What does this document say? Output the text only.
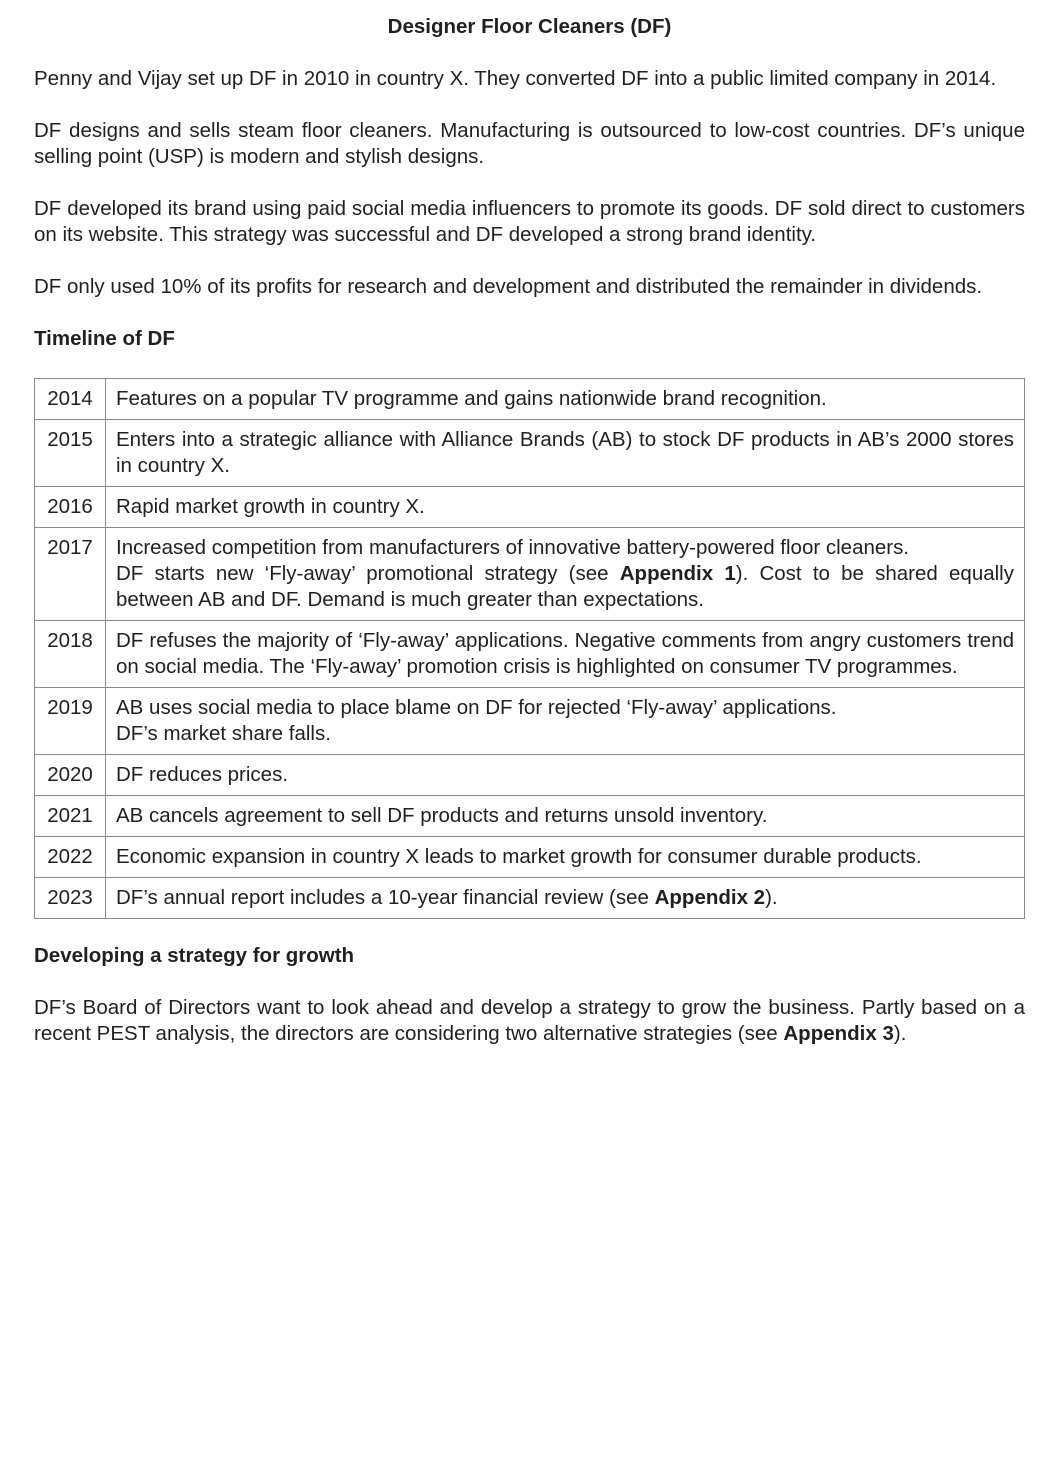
Designer Floor Cleaners (DF)
Penny and Vijay set up DF in 2010 in country X. They converted DF into a public limited company in 2014.
DF designs and sells steam floor cleaners. Manufacturing is outsourced to low-cost countries. DF’s unique selling point (USP) is modern and stylish designs.
DF developed its brand using paid social media influencers to promote its goods. DF sold direct to customers on its website. This strategy was successful and DF developed a strong brand identity.
DF only used 10% of its profits for research and development and distributed the remainder in dividends.
Timeline of DF
2014	Features on a popular TV programme and gains nationwide brand recognition.

2015	Enters into a strategic alliance with Alliance Brands (AB) to stock DF products in AB’s 2000 stores in country X.

2016	Rapid market growth in country X.

2017	Increased competition from manufacturers of innovative battery-powered floor cleaners.
DF starts new ‘Fly-away’ promotional strategy (see Appendix 1). Cost to be shared equally between AB and DF. Demand is much greater than expectations.

2018	DF refuses the majority of ‘Fly-away’ applications. Negative comments from angry customers trend on social media. The ‘Fly-away’ promotion crisis is highlighted on consumer TV programmes.

2019	AB uses social media to place blame on DF for rejected ‘Fly-away’ applications.
DF’s market share falls.

2020	DF reduces prices.

2021	AB cancels agreement to sell DF products and returns unsold inventory.

2022	Economic expansion in country X leads to market growth for consumer durable products.

2023	DF’s annual report includes a 10-year financial review (see Appendix 2).
Developing a strategy for growth
DF’s Board of Directors want to look ahead and develop a strategy to grow the business. Partly based on a recent PEST analysis, the directors are considering two alternative strategies (see Appendix 3).
